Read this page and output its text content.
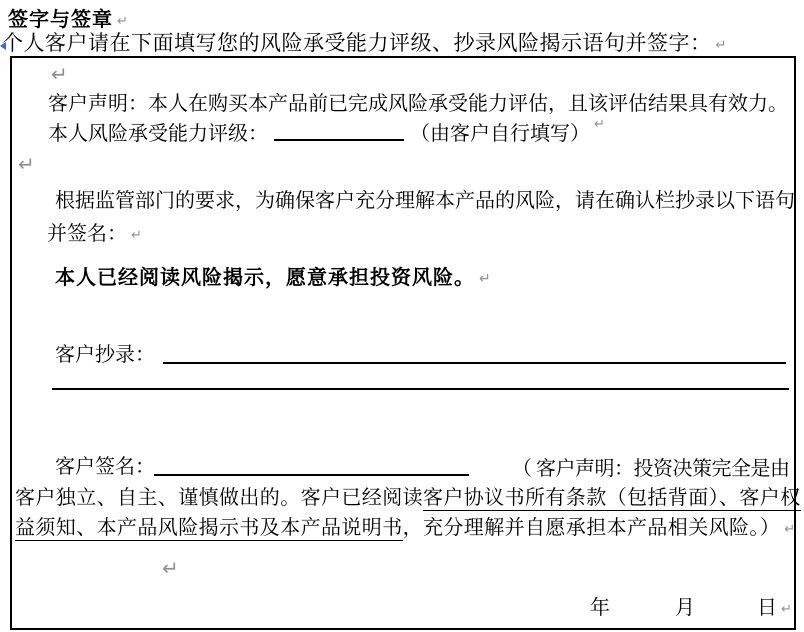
签字与签章 ↵
个人客户请在下面填写您的风险承受能力评级、抄录风险揭示语句并签字： ↵
↵
客户声明：本人在购买本产品前已完成风险承受能力评估，且该评估结果具有效力。
本人风险承受能力评级：	（由客户自行填写） ↵
↵
根据监管部门的要求，为确保客户充分理解本产品的风险，请在确认栏抄录以下语句
并签名： ↵
本人已经阅读风险揭示，愿意承担投资风险。 ↵
客户抄录：
客户签名：	（ 客户声明：投资决策完全是由
客户独立、自主、谨慎做出的。客户已经阅读客户协议书所有条款（包括背面）、客户权
益须知、本产品风险揭示书及本产品说明书，充分理解并自愿承担本产品相关风险。） ↵
↵
年	月	日 ↵
